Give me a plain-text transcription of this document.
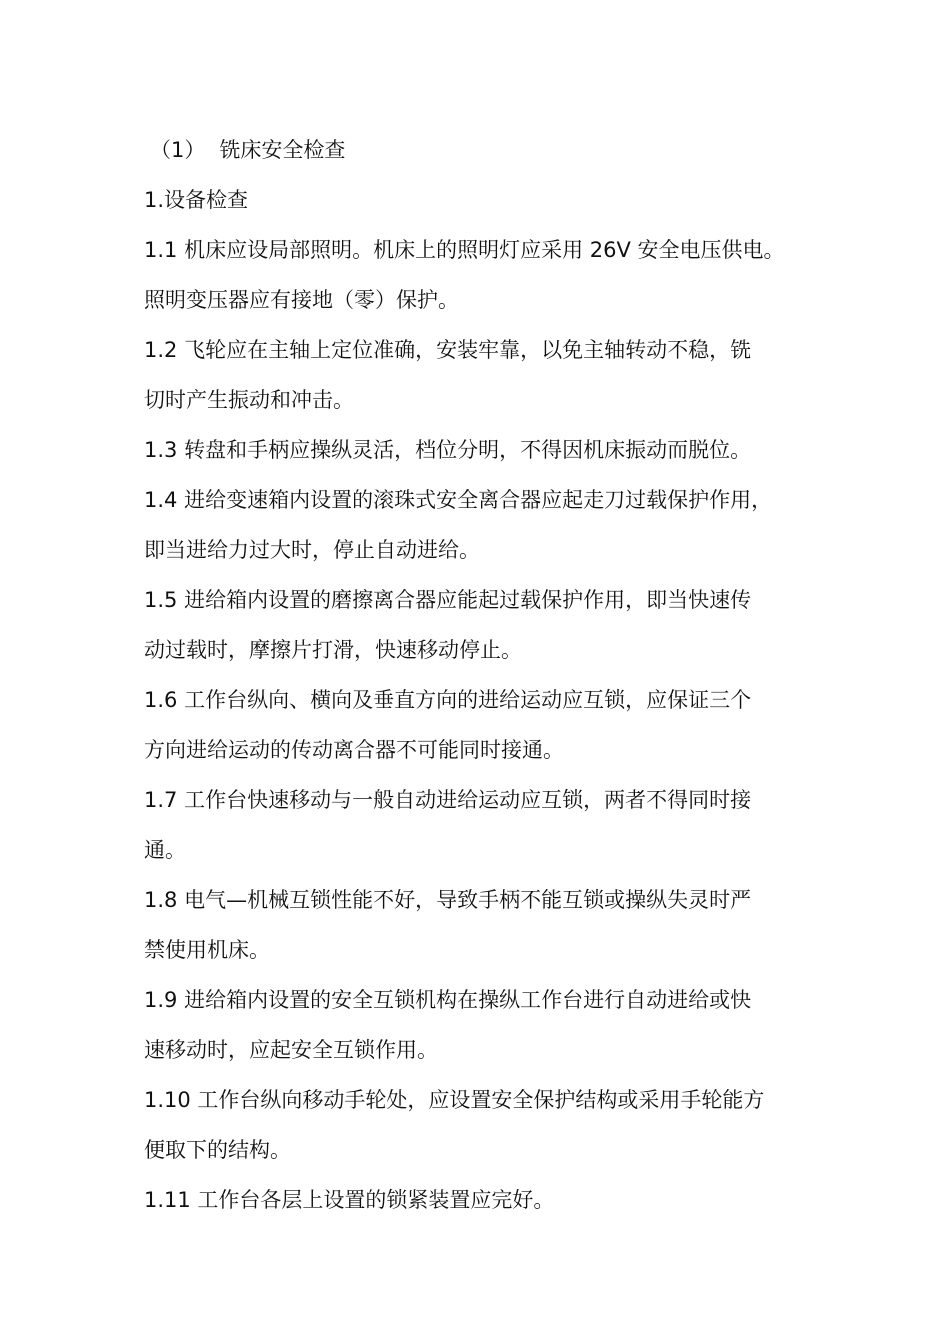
（1） 铣床安全检查
1.设备检查
1.1 机床应设局部照明。机床上的照明灯应采用 26V 安全电压供电。
照明变压器应有接地（零）保护。
1.2 飞轮应在主轴上定位准确，安装牢靠，以免主轴转动不稳，铣
切时产生振动和冲击。
1.3 转盘和手柄应操纵灵活，档位分明，不得因机床振动而脱位。
1.4 进给变速箱内设置的滚珠式安全离合器应起走刀过载保护作用，
即当进给力过大时，停止自动进给。
1.5 进给箱内设置的磨擦离合器应能起过载保护作用，即当快速传
动过载时，摩擦片打滑，快速移动停止。
1.6 工作台纵向、横向及垂直方向的进给运动应互锁，应保证三个
方向进给运动的传动离合器不可能同时接通。
1.7 工作台快速移动与一般自动进给运动应互锁，两者不得同时接
通。
1.8 电气—机械互锁性能不好，导致手柄不能互锁或操纵失灵时严
禁使用机床。
1.9 进给箱内设置的安全互锁机构在操纵工作台进行自动进给或快
速移动时，应起安全互锁作用。
1.10 工作台纵向移动手轮处，应设置安全保护结构或采用手轮能方
便取下的结构。
1.11 工作台各层上设置的锁紧装置应完好。
